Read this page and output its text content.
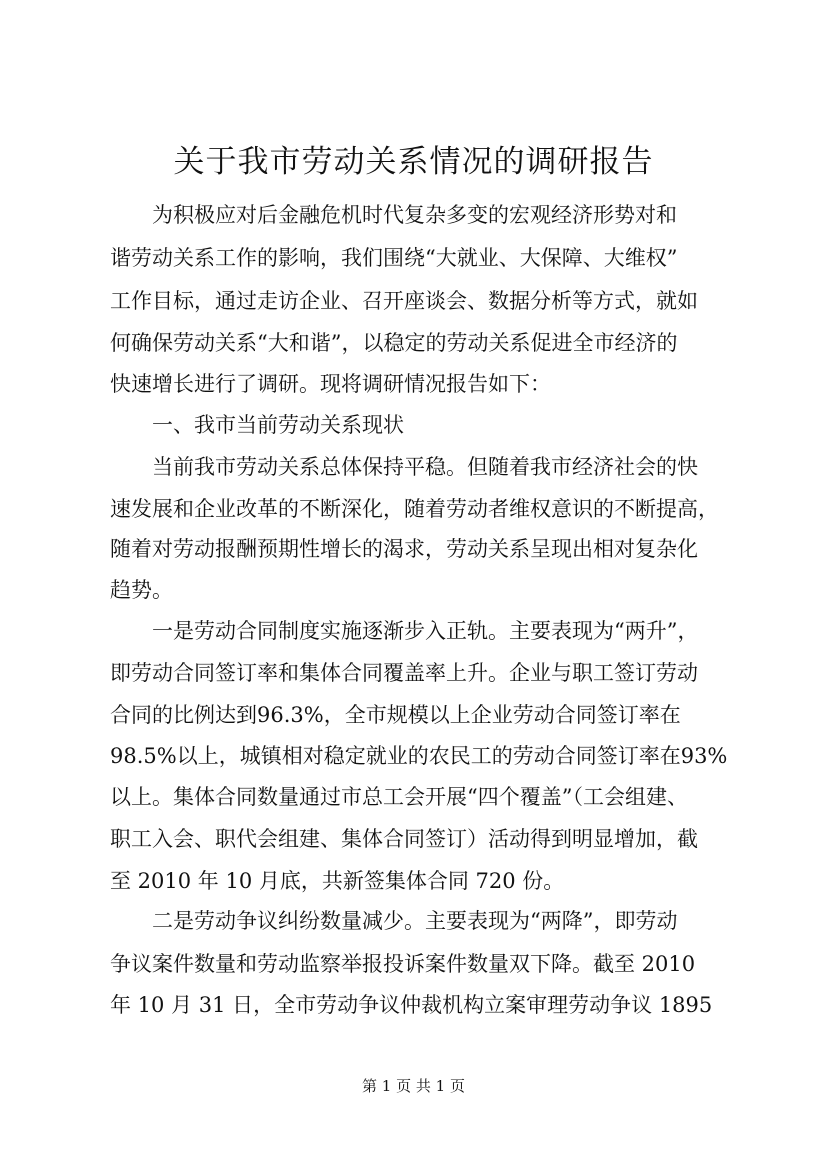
关于我市劳动关系情况的调研报告

为积极应对后金融危机时代复杂多变的宏观经济形势对和

谐劳动关系工作的影响，我们围绕“大就业、大保障、大维权”

工作目标，通过走访企业、召开座谈会、数据分析等方式，就如

何确保劳动关系“大和谐”，以稳定的劳动关系促进全市经济的

快速增长进行了调研。现将调研情况报告如下：

一、我市当前劳动关系现状

当前我市劳动关系总体保持平稳。但随着我市经济社会的快

速发展和企业改革的不断深化，随着劳动者维权意识的不断提高，

随着对劳动报酬预期性增长的渴求，劳动关系呈现出相对复杂化

趋势。

一是劳动合同制度实施逐渐步入正轨。主要表现为“两升”，

即劳动合同签订率和集体合同覆盖率上升。企业与职工签订劳动

合同的比例达到96.3%，全市规模以上企业劳动合同签订率在

98.5%以上，城镇相对稳定就业的农民工的劳动合同签订率在93%

以上。集体合同数量通过市总工会开展“四个覆盖”（工会组建、

职工入会、职代会组建、集体合同签订）活动得到明显增加，截

至 2010 年 10 月底，共新签集体合同 720 份。

二是劳动争议纠纷数量减少。主要表现为“两降”，即劳动

争议案件数量和劳动监察举报投诉案件数量双下降。截至 2010

年 10 月 31 日，全市劳动争议仲裁机构立案审理劳动争议 1895

第 1 页 共 1 页
